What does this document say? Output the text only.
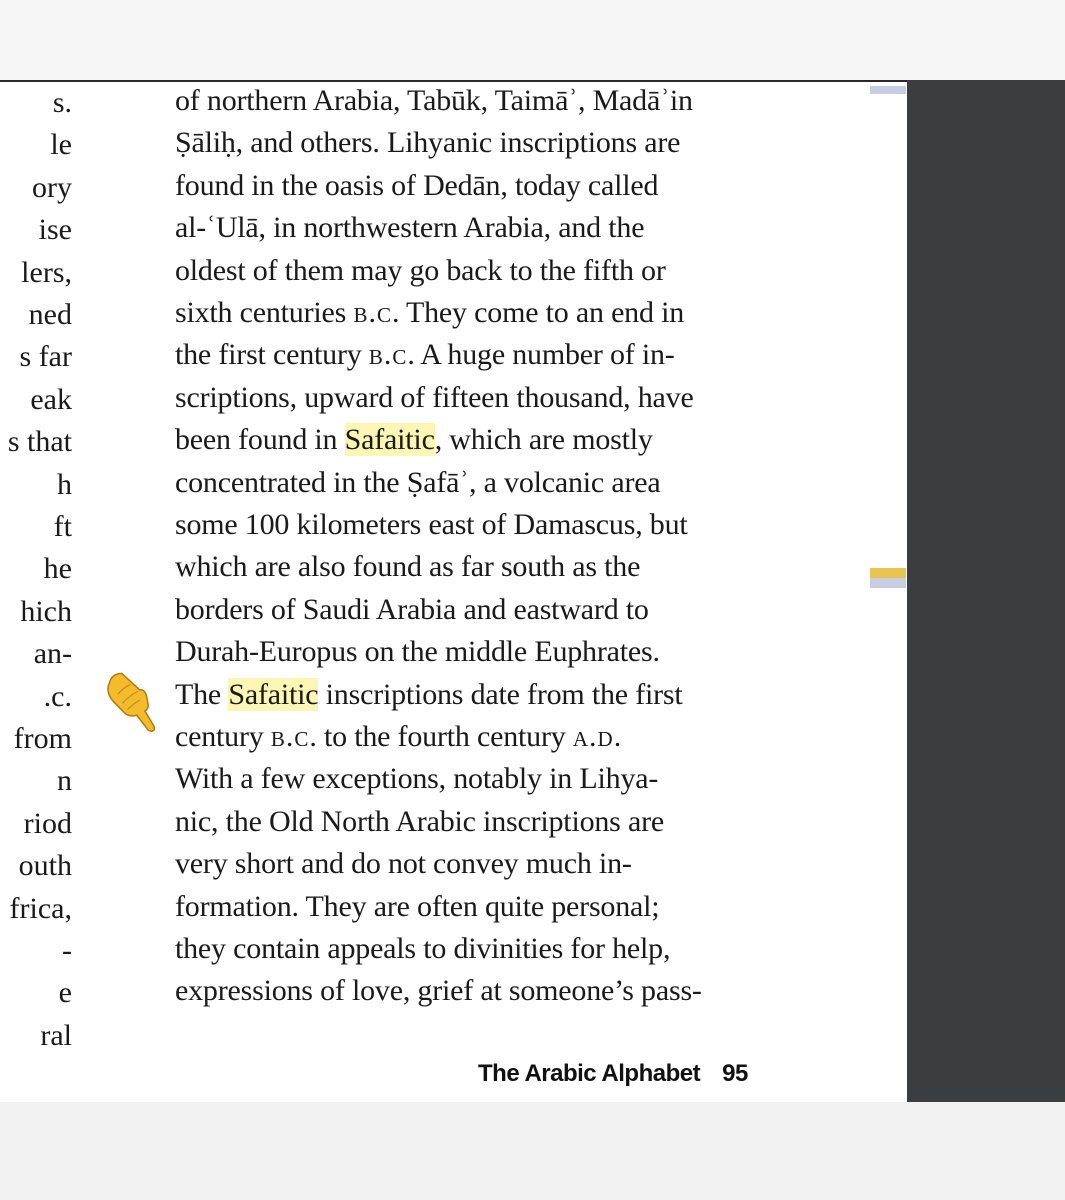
s.
le
ory
ise
lers,
ned
s far
eak
s that
h
ft
he
hich
an-
.c.
from
n
riod
outh
frica,
-
e
ral
of northern Arabia, Tabūk, Taimāʾ, Madāʾin
Ṣāliḥ, and others. Lihyanic inscriptions are
found in the oasis of Dedān, today called
al-ʿUlā, in northwestern Arabia, and the
oldest of them may go back to the fifth or
sixth centuries b.c. They come to an end in
the first century b.c. A huge number of in-
scriptions, upward of fifteen thousand, have
been found in Safaitic, which are mostly
concentrated in the Ṣafāʾ, a volcanic area
some 100 kilometers east of Damascus, but
which are also found as far south as the
borders of Saudi Arabia and eastward to
Durah-Europus on the middle Euphrates.
The Safaitic inscriptions date from the first
century b.c. to the fourth century a.d.
With a few exceptions, notably in Lihya-
nic, the Old North Arabic inscriptions are
very short and do not convey much in-
formation. They are often quite personal;
they contain appeals to divinities for help,
expressions of love, grief at someone’s pass-
The Arabic Alphabet 95
